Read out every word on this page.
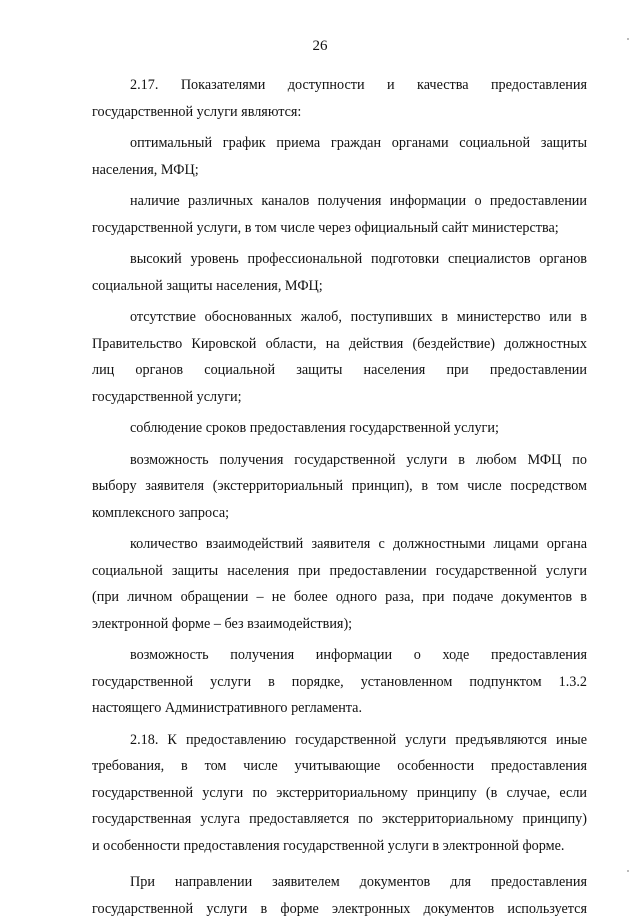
26
2.17.    Показателями    доступности    и    качества    предоставления
государственной услуги являются:
оптимальный график приема граждан органами социальной защиты
населения, МФЦ;
наличие различных каналов получения информации о предоставлении
государственной услуги, в том числе через официальный сайт министерства;
высокий уровень профессиональной подготовки специалистов органов
социальной защиты населения, МФЦ;
отсутствие обоснованных жалоб, поступивших в министерство или в
Правительство Кировской области, на действия (бездействие) должностных
лиц органов социальной защиты населения при предоставлении
государственной услуги;
соблюдение сроков предоставления государственной услуги;
возможность получения государственной услуги в любом МФЦ по
выбору заявителя (экстерриториальный принцип), в том числе посредством
комплексного запроса;
количество взаимодействий заявителя с должностными лицами органа
социальной защиты населения при предоставлении государственной услуги
(при личном обращении – не более одного раза, при подаче документов в
электронной форме – без взаимодействия);
возможность получения информации о ходе предоставления
государственной услуги в порядке, установленном подпунктом 1.3.2
настоящего Административного регламента.
2.18. К предоставлению государственной услуги предъявляются иные
требования, в том числе учитывающие особенности предоставления
государственной услуги по экстерриториальному принципу (в случае, если
государственная услуга предоставляется по экстерриториальному принципу)
и особенности предоставления государственной услуги в электронной форме.
При направлении заявителем документов для предоставления
государственной услуги в форме электронных документов используется
